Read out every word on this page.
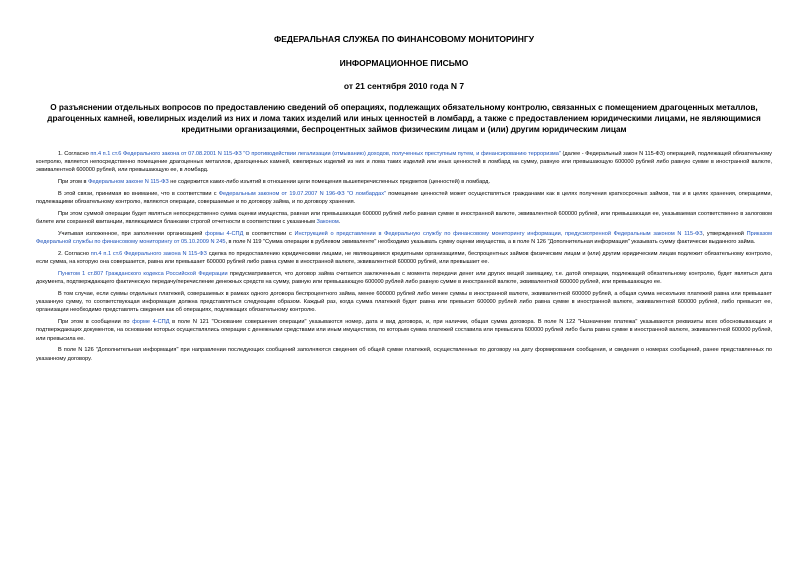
ФЕДЕРАЛЬНАЯ СЛУЖБА ПО ФИНАНСОВОМУ МОНИТОРИНГУ
ИНФОРМАЦИОННОЕ ПИСЬМО
от 21 сентября 2010 года N 7
О разъяснении отдельных вопросов по предоставлению сведений об операциях, подлежащих обязательному контролю, связанных с помещением драгоценных металлов, драгоценных камней, ювелирных изделий из них и лома таких изделий или иных ценностей в ломбард, а также с предоставлением юридическими лицами, не являющимися кредитными организациями, беспроцентных займов физическим лицам и (или) другим юридическим лицам

1. Согласно пп.4 п.1 ст.6 Федерального закона от 07.08.2001 N 115-ФЗ "О противодействии легализации (отмыванию) доходов, полученных преступным путем, и финансированию терроризма" (далее - Федеральный закон N 115-ФЗ) операцией, подлежащей обязательному контролю, является непосредственно помещение драгоценных металлов, драгоценных камней, ювелирных изделий из них и лома таких изделий или иных ценностей в ломбард на сумму, равную или превышающую 600000 рублей либо равную сумме в иностранной валюте, эквивалентной 600000 рублей, или превышающую ее, в ломбард.

При этом в Федеральном законе N 115-ФЗ не содержится каких-либо изъятий в отношении цели помещения вышеперечисленных предметов (ценностей) в ломбард.

В этой связи, принимая во внимание, что в соответствии с Федеральным законом от 19.07.2007 N 196-ФЗ "О ломбардах" помещение ценностей может осуществляться гражданами как в целях получения краткосрочных займов, так и в целях хранения, операциями, подлежащими обязательному контролю, являются операции, совершаемые и по договору займа, и по договору хранения.

При этом суммой операции будет являться непосредственно сумма оценки имущества, равная или превышающая 600000 рублей либо равная сумме в иностранной валюте, эквивалентной 600000 рублей, или превышающая ее, указываемая соответственно в залоговом билете или сохранной квитанции, являющимися бланками строгой отчетности в соответствии с указанным Законом.

Учитывая изложенное, при заполнении организацией формы 4-СПД в соответствии с Инструкцией о представлении в Федеральную службу по финансовому мониторингу информации, предусмотренной Федеральным законом N 115-ФЗ, утвержденной Приказом Федеральной службы по финансовому мониторингу от 05.10.2009 N 245, в поле N 119 "Сумма операции в рублевом эквиваленте" необходимо указывать сумму оценки имущества, а в поле N 126 "Дополнительная информация" указывать сумму фактически выданного займа.

2. Согласно пп.4 п.1 ст.6 Федерального закона N 115-ФЗ сделка по предоставлению юридическими лицами, не являющимися кредитными организациями, беспроцентных займов физическим лицам и (или) другим юридическим лицам подлежит обязательному контролю, если сумма, на которую она совершается, равна или превышает 600000 рублей либо равна сумме в иностранной валюте, эквивалентной 600000 рублей, или превышает ее.

Пунктом 1 ст.807 Гражданского кодекса Российской Федерации предусматривается, что договор займа считается заключенным с момента передачи денег или других вещей заемщику, т.е. датой операции, подлежащей обязательному контролю, будет являться дата документа, подтверждающего фактическую передачу/перечисление денежных средств на сумму, равную или превышающую 600000 рублей либо равную сумме в иностранной валюте, эквивалентной 600000 рублей, или превышающую ее.

В том случае, если суммы отдельных платежей, совершаемых в рамках одного договора беспроцентного займа, менее 600000 рублей либо менее суммы в иностранной валюте, эквивалентной 600000 рублей, а общая сумма нескольких платежей равна или превышает указанную сумму, то соответствующая информация должна представляться следующим образом. Каждый раз, когда сумма платежей будет равна или превысит 600000 рублей либо равна сумме в иностранной валюте, эквивалентной 600000 рублей, либо превысит ее, организации необходимо представлять сведения как об операциях, подлежащих обязательному контролю.

При этом в сообщении по форме 4-СПД в поле N 121 "Основание совершения операции" указываются номер, дата и вид договора, и, при наличии, общая сумма договора. В поле N 122 "Назначение платежа" указываются реквизиты всех обосновывающих и подтверждающих документов, на основании которых осуществлялись операции с денежными средствами или иным имуществом, по которым сумма платежей составила или превысила 600000 рублей либо была равна сумме в иностранной валюте, эквивалентной 600000 рублей, или превысила ее.

В поле N 126 "Дополнительная информация" при направлении последующих сообщений заполняются сведения об общей сумме платежей, осуществленных по договору на дату формирования сообщения, и сведения о номерах сообщений, ранее представленных по указанному договору.
